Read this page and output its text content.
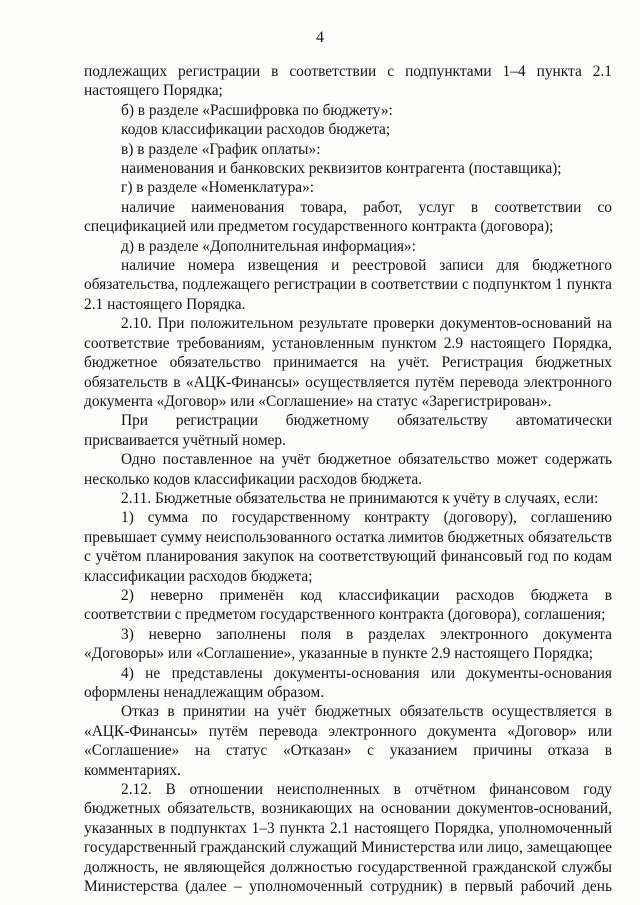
4

подлежащих регистрации в соответствии с подпунктами 1–4 пункта 2.1 настоящего Порядка;

б) в разделе «Расшифровка по бюджету»:

кодов классификации расходов бюджета;

в) в разделе «График оплаты»:

наименования и банковских реквизитов контрагента (поставщика);

г) в разделе «Номенклатура»:

наличие наименования товара, работ, услуг в соответствии со спецификацией или предметом государственного контракта (договора);

д) в разделе «Дополнительная информация»:

наличие номера извещения и реестровой записи для бюджетного обязательства, подлежащего регистрации в соответствии с подпунктом 1 пункта 2.1 настоящего Порядка.

2.10. При положительном результате проверки документов-оснований на соответствие требованиям, установленным пунктом 2.9 настоящего Порядка, бюджетное обязательство принимается на учёт. Регистрация бюджетных обязательств в «АЦК-Финансы» осуществляется путём перевода электронного документа «Договор» или «Соглашение» на статус «Зарегистрирован».

При регистрации бюджетному обязательству автоматически присваивается учётный номер.

Одно поставленное на учёт бюджетное обязательство может содержать несколько кодов классификации расходов бюджета.

2.11. Бюджетные обязательства не принимаются к учёту в случаях, если:

1) сумма по государственному контракту (договору), соглашению превышает сумму неиспользованного остатка лимитов бюджетных обязательств с учётом планирования закупок на соответствующий финансовый год по кодам классификации расходов бюджета;

2) неверно применён код классификации расходов бюджета в соответствии с предметом государственного контракта (договора), соглашения;

3) неверно заполнены поля в разделах электронного документа «Договоры» или «Соглашение», указанные в пункте 2.9 настоящего Порядка;

4) не представлены документы-основания или документы-основания оформлены ненадлежащим образом.

Отказ в принятии на учёт бюджетных обязательств осуществляется в «АЦК-Финансы» путём перевода электронного документа «Договор» или «Соглашение» на статус «Отказан» с указанием причины отказа в комментариях.

2.12. В отношении неисполненных в отчётном финансовом году бюджетных обязательств, возникающих на основании документов-оснований, указанных в подпунктах 1–3 пункта 2.1 настоящего Порядка, уполномоченный государственный гражданский служащий Министерства или лицо, замещающее должность, не являющейся должностью государственной гражданской службы Министерства (далее – уполномоченный сотрудник) в первый рабочий день
